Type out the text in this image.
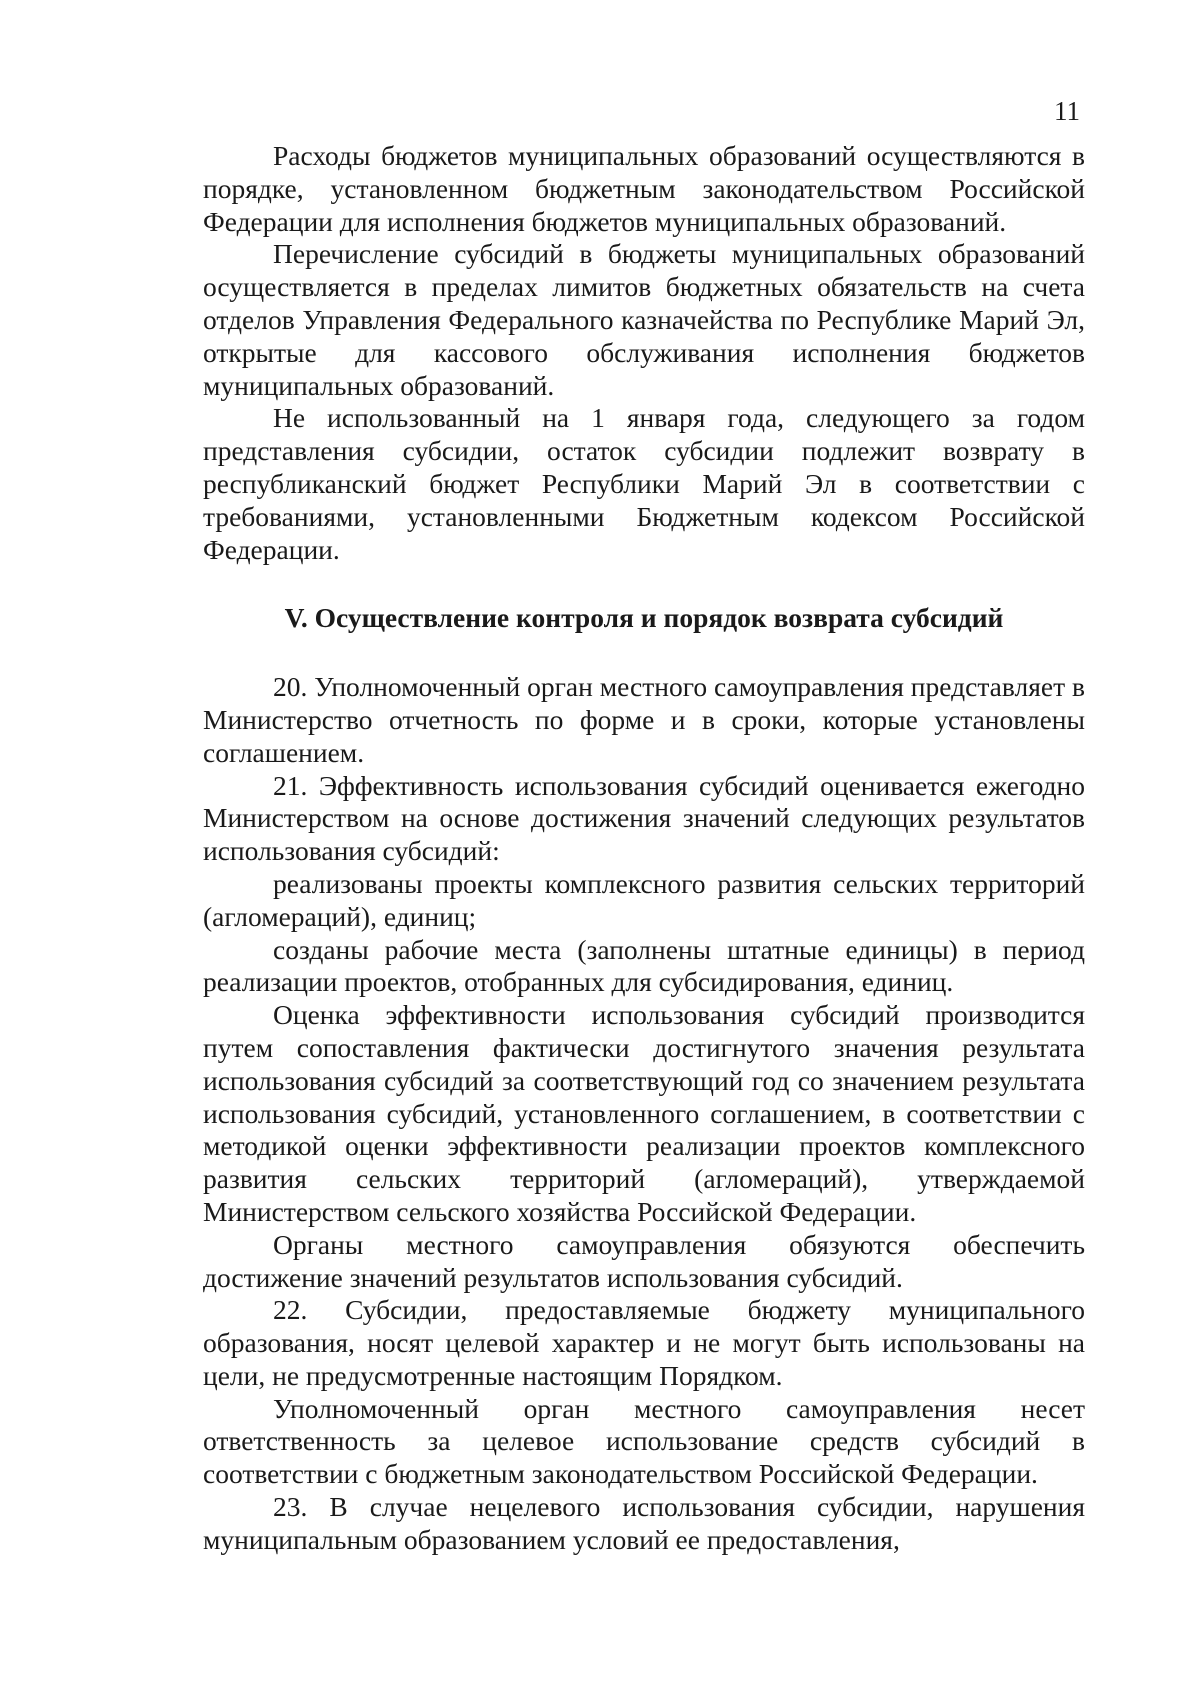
11

Расходы бюджетов муниципальных образований осуществляются в порядке, установленном бюджетным законодательством Российской Федерации для исполнения бюджетов муниципальных образований.

Перечисление субсидий в бюджеты муниципальных образований осуществляется в пределах лимитов бюджетных обязательств на счета отделов Управления Федерального казначейства по Республике Марий Эл, открытые для кассового обслуживания исполнения бюджетов муниципальных образований.

Не использованный на 1 января года, следующего за годом представления субсидии, остаток субсидии подлежит возврату в республиканский бюджет Республики Марий Эл в соответствии с требованиями, установленными Бюджетным кодексом Российской Федерации.

V. Осуществление контроля и порядок возврата субсидий

20. Уполномоченный орган местного самоуправления представляет в Министерство отчетность по форме и в сроки, которые установлены соглашением.

21. Эффективность использования субсидий оценивается ежегодно Министерством на основе достижения значений следующих результатов использования субсидий:

реализованы проекты комплексного развития сельских территорий (агломераций), единиц;

созданы рабочие места (заполнены штатные единицы) в период реализации проектов, отобранных для субсидирования, единиц.

Оценка эффективности использования субсидий производится путем сопоставления фактически достигнутого значения результата использования субсидий за соответствующий год со значением результата использования субсидий, установленного соглашением, в соответствии с методикой оценки эффективности реализации проектов комплексного развития сельских территорий (агломераций), утверждаемой Министерством сельского хозяйства Российской Федерации.

Органы местного самоуправления обязуются обеспечить достижение значений результатов использования субсидий.

22. Субсидии, предоставляемые бюджету муниципального образования, носят целевой характер и не могут быть использованы на цели, не предусмотренные настоящим Порядком.

Уполномоченный орган местного самоуправления несет ответственность за целевое использование средств субсидий в соответствии с бюджетным законодательством Российской Федерации.

23. В случае нецелевого использования субсидии, нарушения муниципальным образованием условий ее предоставления,
